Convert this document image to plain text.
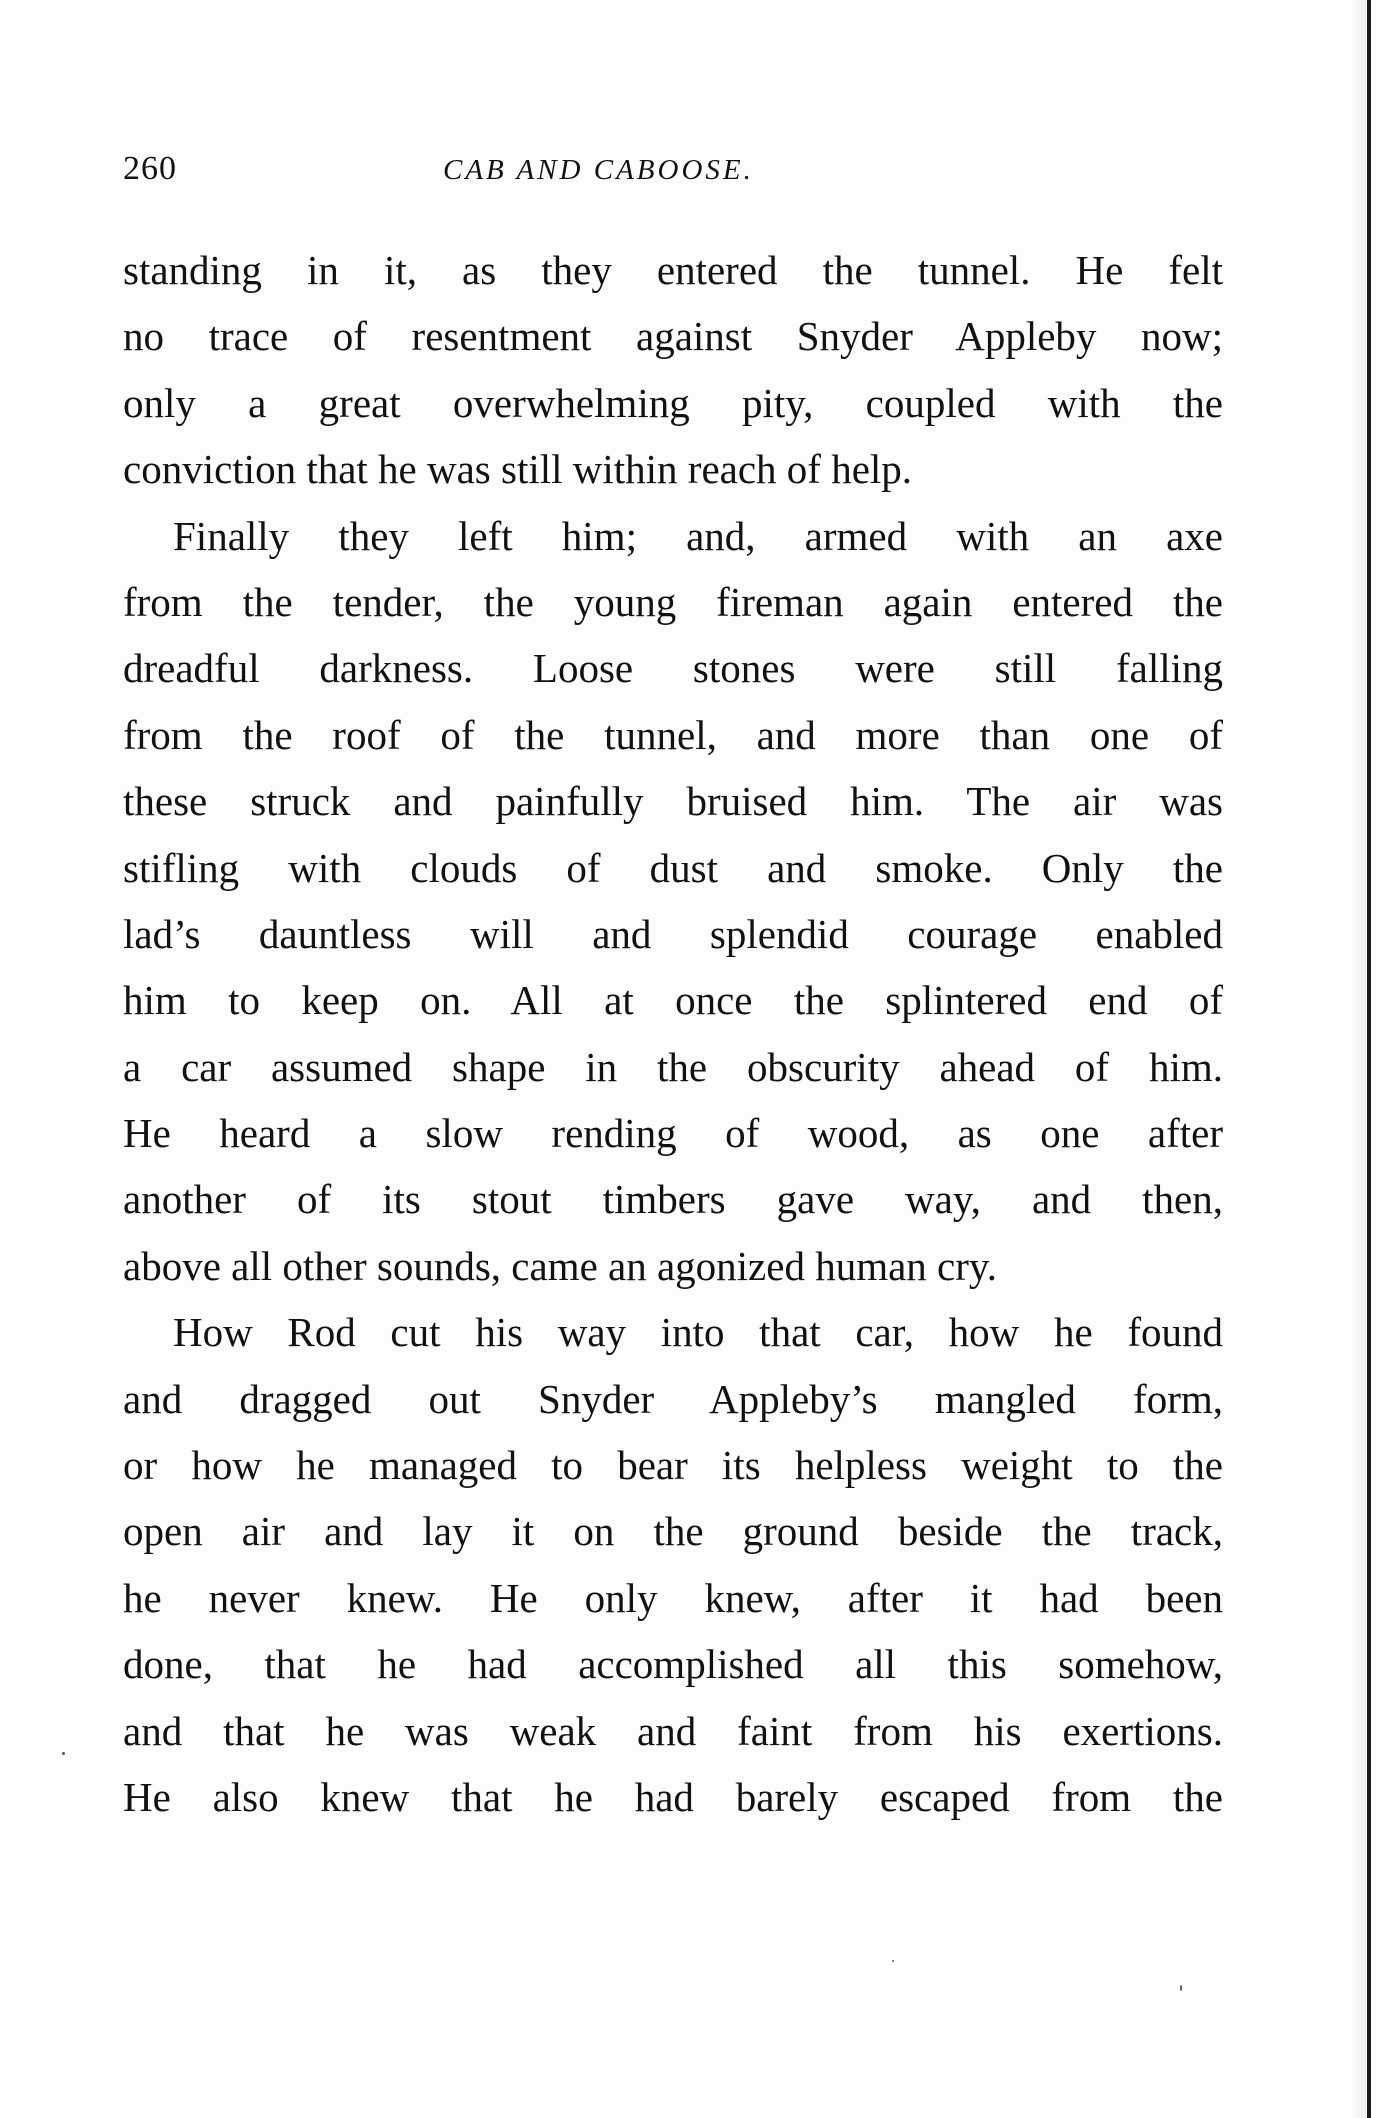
260	CAB AND CABOOSE.
standing in it, as they entered the tunnel. He felt
no trace of resentment against Snyder Appleby now;
only a great overwhelming pity, coupled with the
conviction that he was still within reach of help.
Finally they left him; and, armed with an axe
from the tender, the young fireman again entered the
dreadful darkness. Loose stones were still falling
from the roof of the tunnel, and more than one of
these struck and painfully bruised him. The air was
stifling with clouds of dust and smoke. Only the
lad’s dauntless will and splendid courage enabled
him to keep on. All at once the splintered end of
a car assumed shape in the obscurity ahead of him.
He heard a slow rending of wood, as one after
another of its stout timbers gave way, and then,
above all other sounds, came an agonized human cry.
How Rod cut his way into that car, how he found
and dragged out Snyder Appleby’s mangled form,
or how he managed to bear its helpless weight to the
open air and lay it on the ground beside the track,
he never knew. He only knew, after it had been
done, that he had accomplished all this somehow,
and that he was weak and faint from his exertions.
He also knew that he had barely escaped from the
